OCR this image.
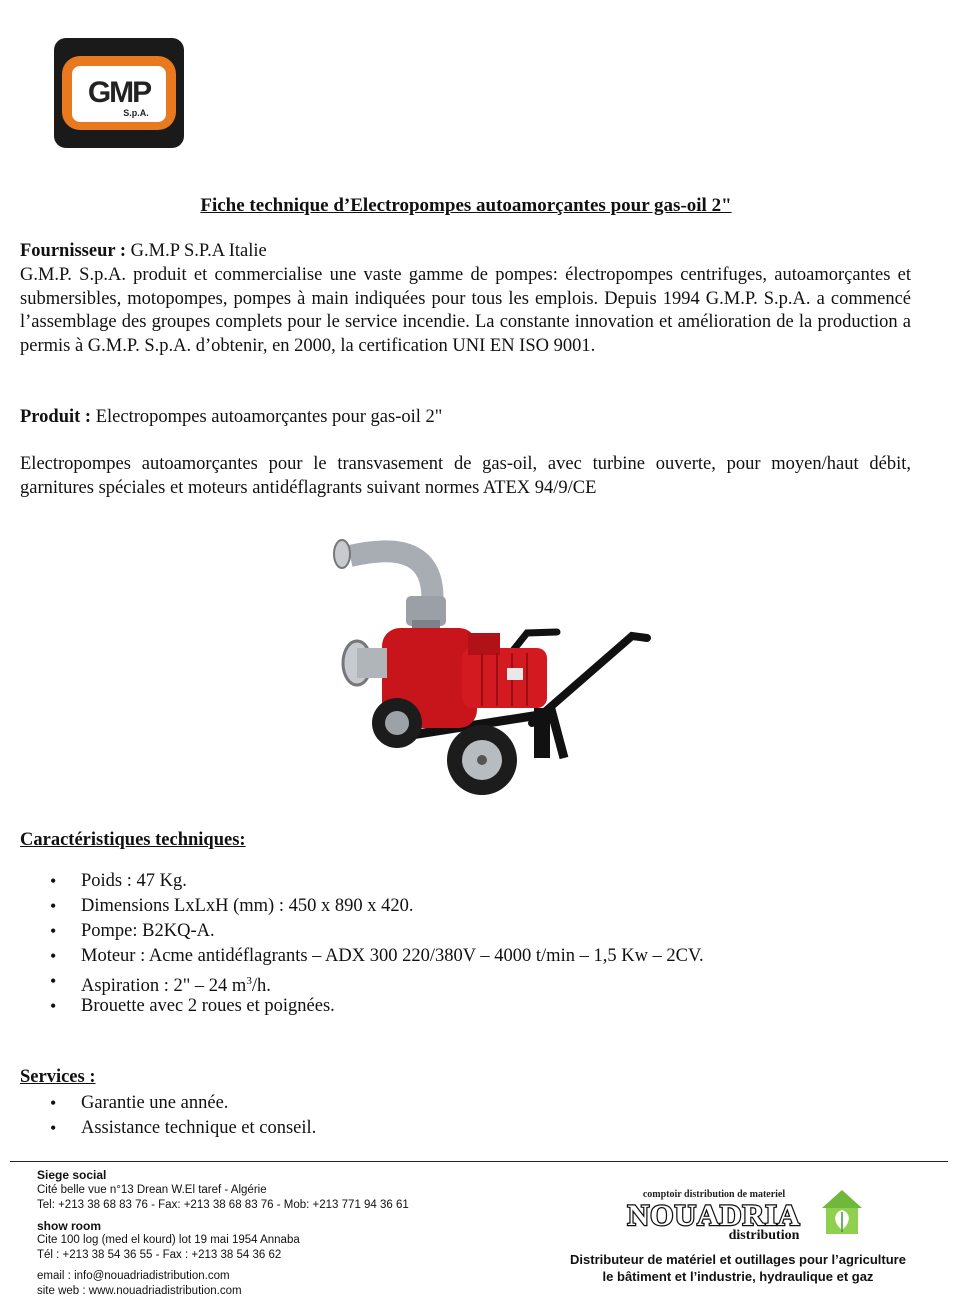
GMP
S.p.A.
Fiche technique d’Electropompes autoamorçantes pour gas-oil 2"
Fournisseur : G.M.P S.P.A Italie
G.M.P. S.p.A. produit et commercialise une vaste gamme de pompes: électropompes centrifuges, autoamorçantes et submersibles, motopompes, pompes à main indiquées pour tous les emplois. Depuis 1994 G.M.P. S.p.A. a commencé l’assemblage des groupes complets pour le service incendie. La constante innovation et amélioration de la production a permis à G.M.P. S.p.A. d’obtenir, en 2000, la certification UNI EN ISO 9001.
Produit : Electropompes autoamorçantes pour gas-oil 2"
Electropompes autoamorçantes pour le transvasement de gas-oil, avec turbine ouverte, pour moyen/haut débit, garnitures spéciales et moteurs antidéflagrants suivant normes ATEX 94/9/CE
Caractéristiques techniques:
• Poids : 47 Kg.
• Dimensions LxLxH (mm) : 450 x 890 x 420.
• Pompe: B2KQ-A.
• Moteur : Acme antidéflagrants – ADX 300 220/380V – 4000 t/min – 1,5 Kw – 2CV.
• Aspiration : 2" – 24 $m^3/h$.
• Brouette avec 2 roues et poignées.
Services :
• Garantie une année.
• Assistance technique et conseil.
Siege social
Cité belle vue n°13 Drean W.El taref - Algérie
Tel: +213 38 68 83 76 - Fax: +213 38 68 83 76 - Mob: +213 771 94 36 61
show room
Cite 100 log (med el kourd) lot 19 mai 1954 Annaba
Tél : +213 38 54 36 55 - Fax : +213 38 54 36 62
email : info@nouadriadistribution.com
site web : www.nouadriadistribution.com
comptoir distribution de materiel
NOUADRIA
distribution
Distributeur de matériel et outillages pour l’agriculture
le bâtiment et l’industrie, hydraulique et gaz
